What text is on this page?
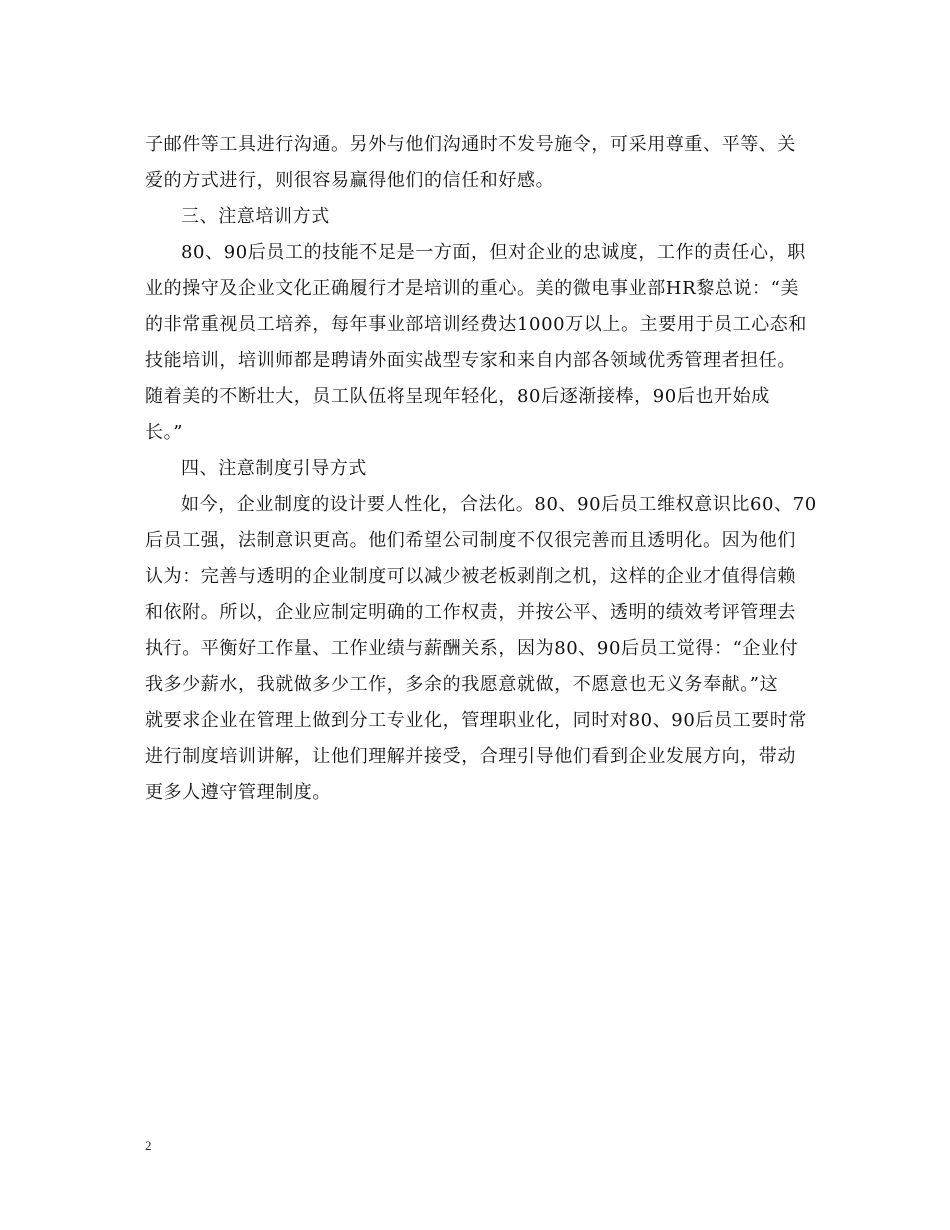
子邮件等工具进行沟通。另外与他们沟通时不发号施令，可采用尊重、平等、关
爱的方式进行，则很容易赢得他们的信任和好感。
三、注意培训方式
80、90后员工的技能不足是一方面，但对企业的忠诚度，工作的责任心，职
业的操守及企业文化正确履行才是培训的重心。美的微电事业部HR黎总说：“美
的非常重视员工培养，每年事业部培训经费达1000万以上。主要用于员工心态和
技能培训，培训师都是聘请外面实战型专家和来自内部各领域优秀管理者担任。
随着美的不断壮大，员工队伍将呈现年轻化，80后逐渐接棒，90后也开始成
长。”
四、注意制度引导方式
如今，企业制度的设计要人性化，合法化。80、90后员工维权意识比60、70
后员工强，法制意识更高。他们希望公司制度不仅很完善而且透明化。因为他们
认为：完善与透明的企业制度可以减少被老板剥削之机，这样的企业才值得信赖
和依附。所以，企业应制定明确的工作权责，并按公平、透明的绩效考评管理去
执行。平衡好工作量、工作业绩与薪酬关系，因为80、90后员工觉得：“企业付
我多少薪水，我就做多少工作，多余的我愿意就做，不愿意也无义务奉献。”这
就要求企业在管理上做到分工专业化，管理职业化，同时对80、90后员工要时常
进行制度培训讲解，让他们理解并接受，合理引导他们看到企业发展方向，带动
更多人遵守管理制度。
2
